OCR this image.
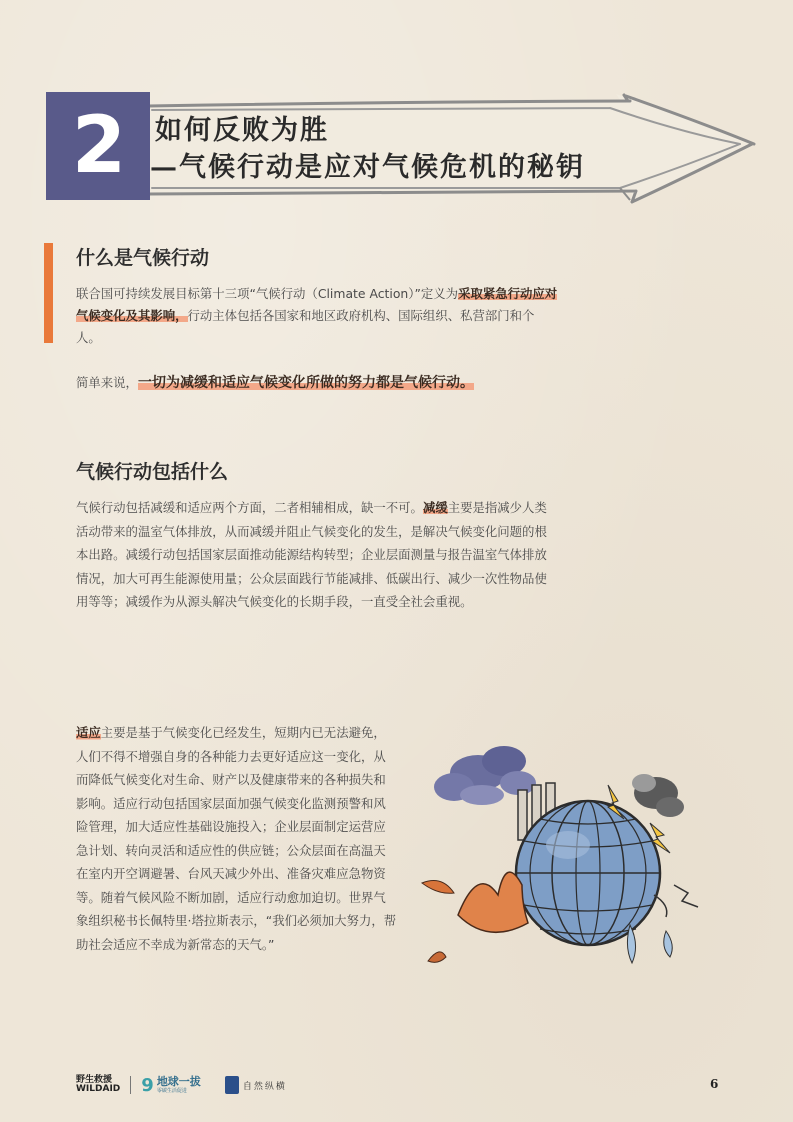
2	如何反败为胜
—气候行动是应对气候危机的秘钥
什么是气候行动
联合国可持续发展目标第十三项“气候行动（Climate Action）”定义为采取紧急行动应对气候变化及其影响，行动主体包括各国家和地区政府机构、国际组织、私营部门和个人。
简单来说，一切为减缓和适应气候变化所做的努力都是气候行动。
气候行动包括什么
气候行动包括减缓和适应两个方面，二者相辅相成，缺一不可。减缓主要是指减少人类活动带来的温室气体排放，从而减缓并阻止气候变化的发生，是解决气候变化问题的根本出路。减缓行动包括国家层面推动能源结构转型；企业层面测量与报告温室气体排放情况，加大可再生能源使用量；公众层面践行节能减排、低碳出行、减少一次性物品使用等等；减缓作为从源头解决气候变化的长期手段，一直受全社会重视。
适应主要是基于气候变化已经发生，短期内已无法避免，人们不得不增强自身的各种能力去更好适应这一变化，从而降低气候变化对生命、财产以及健康带来的各种损失和影响。适应行动包括国家层面加强气候变化监测预警和风险管理，加大适应性基础设施投入；企业层面制定运营应急计划、转向灵活和适应性的供应链；公众层面在高温天在室内开空调避暑、台风天减少外出、准备灾难应急物资等。随着气候风险不断加剧，适应行动愈加迫切。世界气象组织秘书长佩特里·塔拉斯表示，“我们必须加大努力，帮助社会适应不幸成为新常态的天气。”
野生救援
WILDAID 9 地球一拔
零碳生活促进	自然纵横	6
